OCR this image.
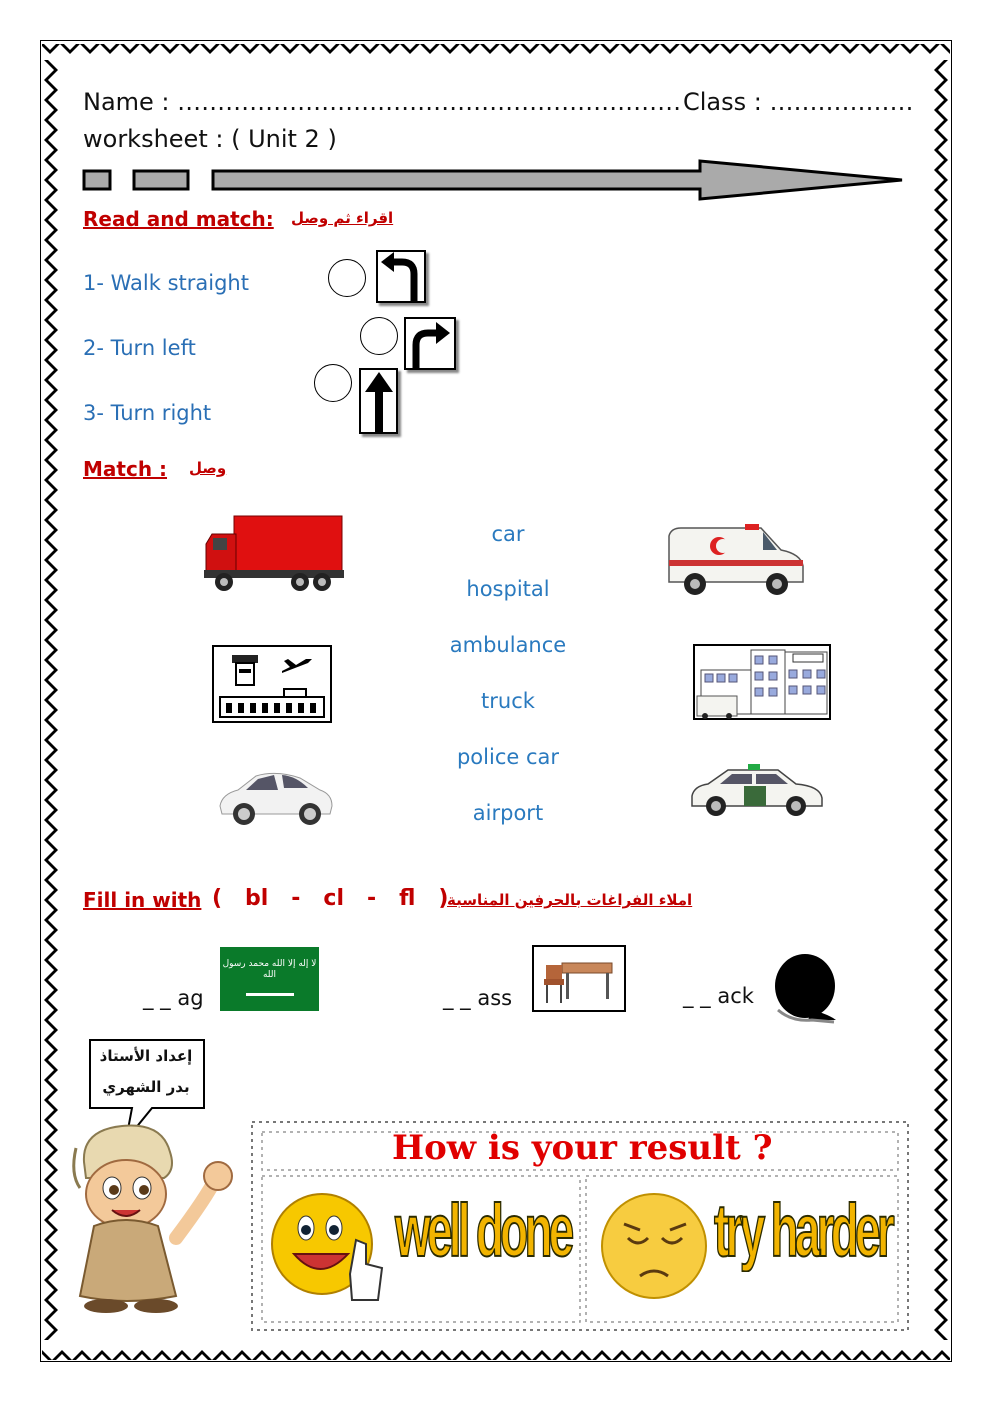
Name : ……………………………………………………… Class : ………………
worksheet : ( Unit 2 )
Read and match: اقراء ثم وصل
1- Walk straight
2- Turn left
3- Turn right
Match : وصل
car
hospital
ambulance
truck
police car
airport
Fill in with (   bl   -   cl   -   fl   )
املاء الفراغات بالحرفين المناسبة
_ _ ag
لا إله إلا الله محمد رسول الله
_ _ ass	_ _ ack
إعداد الأستاذ
بدر الشهري
How is your result ?
well done try harder
